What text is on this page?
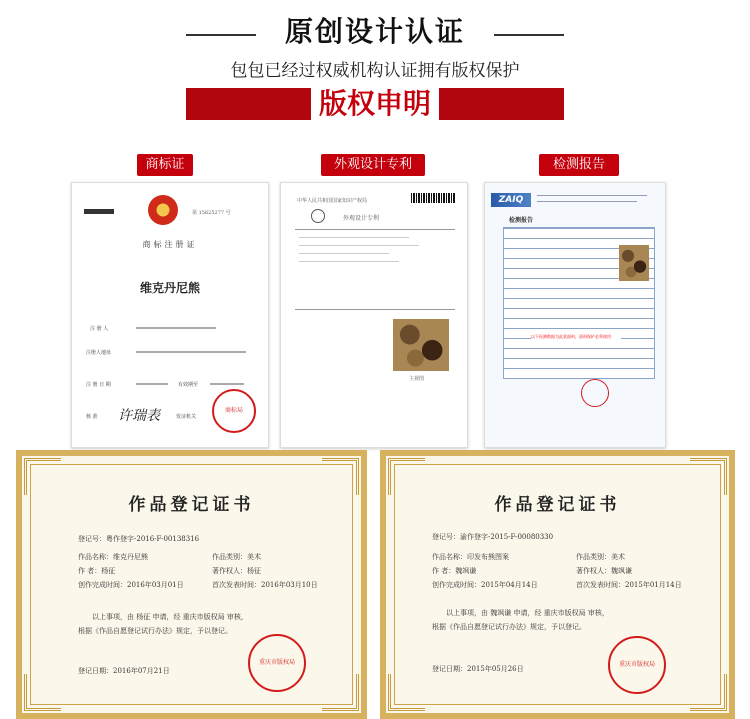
原创设计认证
包包已经过权威机构认证拥有版权保护
版权申明
商标证	外观设计专利	检测报告
第 15625277 号
商标注册证
维克丹尼熊
注 册 人
注册人地址
注 册 日 期	有效期至
核 准 许瑞表	发证机关
商标局
中华人民共和国国家知识产权局
外观设计专利
主视图
ZAIQ
检测报告
以下检测数据为此款面料，面料保护必须使用
作品登记证书
登记号：粤作登字-2016-F-00138316
作品名称：维克丹尼熊	作品类别：美术
作 者：杨征	著作权人：杨征
创作完成时间：2016年03月01日	首次发表时间：2016年03月10日
以上事项，由 杨征 申请，经 重庆市版权局 审核，
根据《作品自愿登记试行办法》规定，予以登记。
登记日期：2016年07月21日
重庆市版权局
作品登记证书
登记号：渝作登字-2015-F-00080330
作品名称：印发布熊图案	作品类别：美术
作 者：魏飒谦	著作权人：魏飒谦
创作完成时间：2015年04月14日	首次发表时间：2015年01月14日
以上事项，由 魏飒谦 申请，经 重庆市版权局 审核，
根据《作品自愿登记试行办法》规定，予以登记。
登记日期：2015年05月26日
重庆市版权局
